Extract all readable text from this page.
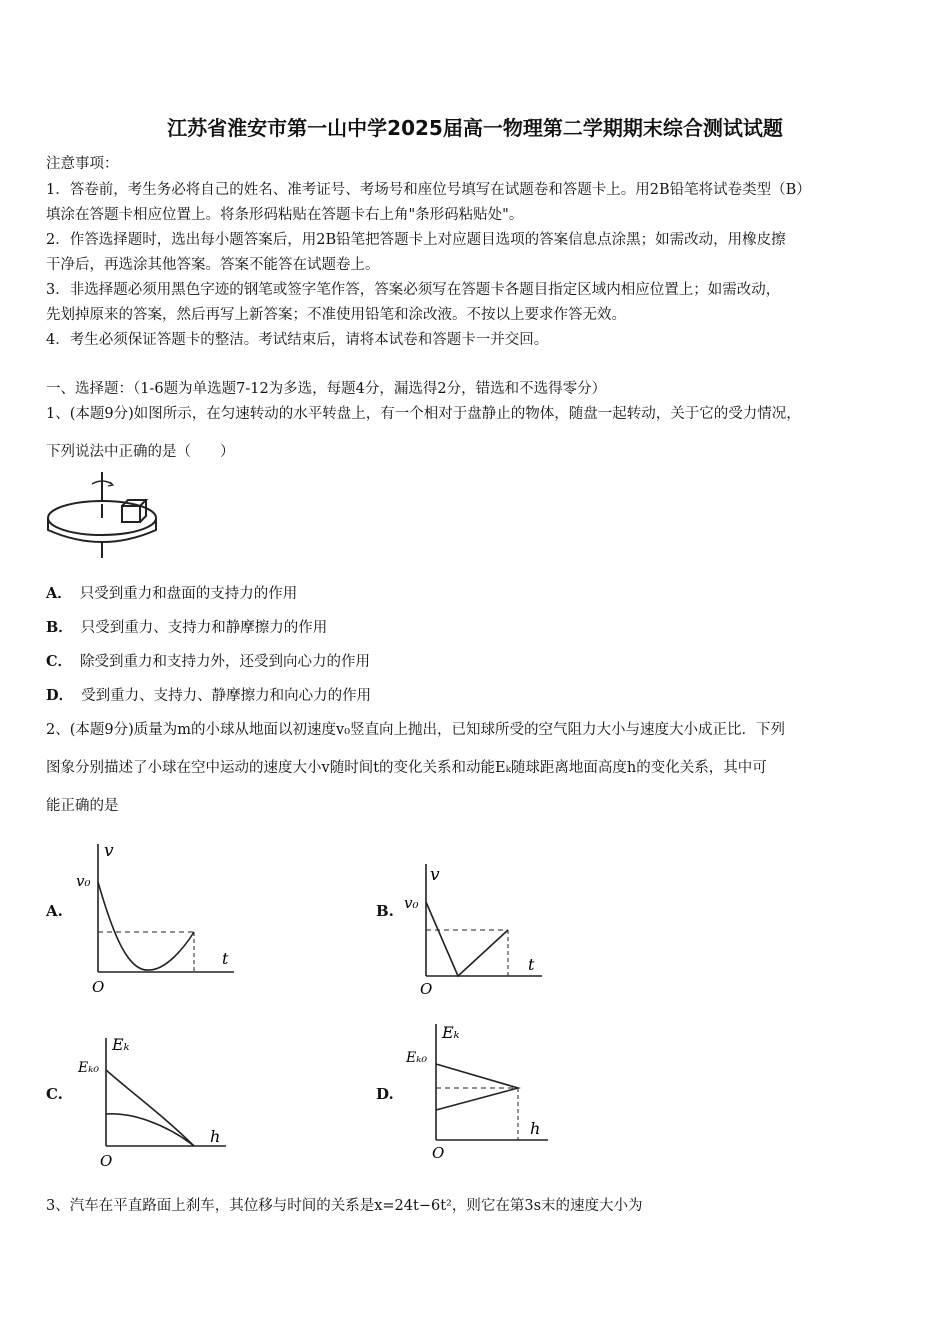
江苏省淮安市第一山中学2025届高一物理第二学期期末综合测试试题
注意事项：
1．答卷前，考生务必将自己的姓名、准考证号、考场号和座位号填写在试题卷和答题卡上。用2B铅笔将试卷类型（B）
填涂在答题卡相应位置上。将条形码粘贴在答题卡右上角"条形码粘贴处"。
2．作答选择题时，选出每小题答案后，用2B铅笔把答题卡上对应题目选项的答案信息点涂黑；如需改动，用橡皮擦
干净后，再选涂其他答案。答案不能答在试题卷上。
3．非选择题必须用黑色字迹的钢笔或签字笔作答，答案必须写在答题卡各题目指定区域内相应位置上；如需改动，
先划掉原来的答案，然后再写上新答案；不准使用铅笔和涂改液。不按以上要求作答无效。
4．考生必须保证答题卡的整洁。考试结束后，请将本试卷和答题卡一并交回。
一、选择题：（1-6题为单选题7-12为多选，每题4分，漏选得2分，错选和不选得零分）
1、(本题9分)如图所示，在匀速转动的水平转盘上，有一个相对于盘静止的物体，随盘一起转动，关于它的受力情况，
下列说法中正确的是（　　）
A． 只受到重力和盘面的支持力的作用
B． 只受到重力、支持力和静摩擦力的作用
C． 除受到重力和支持力外，还受到向心力的作用
D． 受到重力、支持力、静摩擦力和向心力的作用
2、(本题9分)质量为m的小球从地面以初速度v₀竖直向上抛出，已知球所受的空气阻力大小与速度大小成正比．下列
图象分别描述了小球在空中运动的速度大小v随时间t的变化关系和动能Eₖ随球距离地面高度h的变化关系，其中可
能正确的是
A.
v
v₀
t
O
B.
v
v₀
t
O
C.
Eₖ
Eₖ₀
h
O
D.
Eₖ
Eₖ₀
h
O
3、汽车在平直路面上刹车，其位移与时间的关系是x=24t−6t²，则它在第3s末的速度大小为
